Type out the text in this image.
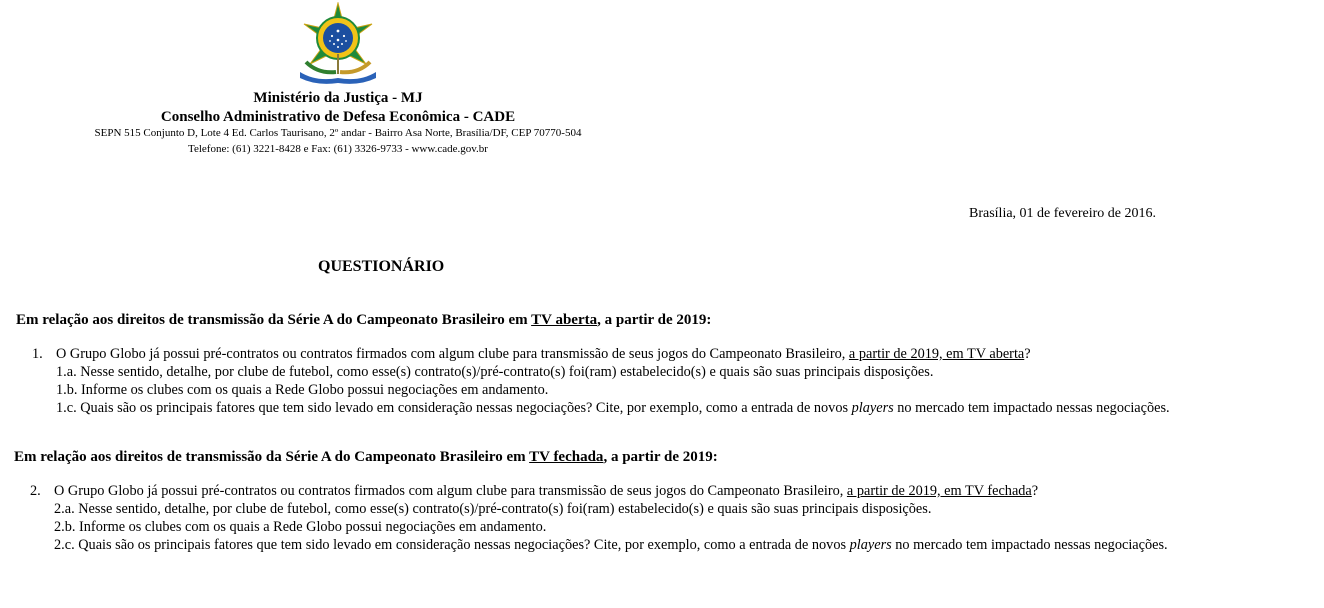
Ministério da Justiça - MJ
Conselho Administrativo de Defesa Econômica - CADE
SEPN 515 Conjunto D, Lote 4 Ed. Carlos Taurisano, 2º andar - Bairro Asa Norte, Brasília/DF, CEP 70770-504
Telefone: (61) 3221-8428 e Fax: (61) 3326-9733 - www.cade.gov.br
Brasília, 01 de fevereiro de 2016.
QUESTIONÁRIO
Em relação aos direitos de transmissão da Série A do Campeonato Brasileiro em TV aberta, a partir de 2019:
1. O Grupo Globo já possui pré-contratos ou contratos firmados com algum clube para transmissão de seus jogos do Campeonato Brasileiro, a partir de 2019, em TV aberta?
1.a. Nesse sentido, detalhe, por clube de futebol, como esse(s) contrato(s)/pré-contrato(s) foi(ram) estabelecido(s) e quais são suas principais disposições.
1.b. Informe os clubes com os quais a Rede Globo possui negociações em andamento.
1.c. Quais são os principais fatores que tem sido levado em consideração nessas negociações? Cite, por exemplo, como a entrada de novos players no mercado tem impactado nessas negociações.
Em relação aos direitos de transmissão da Série A do Campeonato Brasileiro em TV fechada, a partir de 2019:
2. O Grupo Globo já possui pré-contratos ou contratos firmados com algum clube para transmissão de seus jogos do Campeonato Brasileiro, a partir de 2019, em TV fechada?
2.a. Nesse sentido, detalhe, por clube de futebol, como esse(s) contrato(s)/pré-contrato(s) foi(ram) estabelecido(s) e quais são suas principais disposições.
2.b. Informe os clubes com os quais a Rede Globo possui negociações em andamento.
2.c. Quais são os principais fatores que tem sido levado em consideração nessas negociações? Cite, por exemplo, como a entrada de novos players no mercado tem impactado nessas negociações.
